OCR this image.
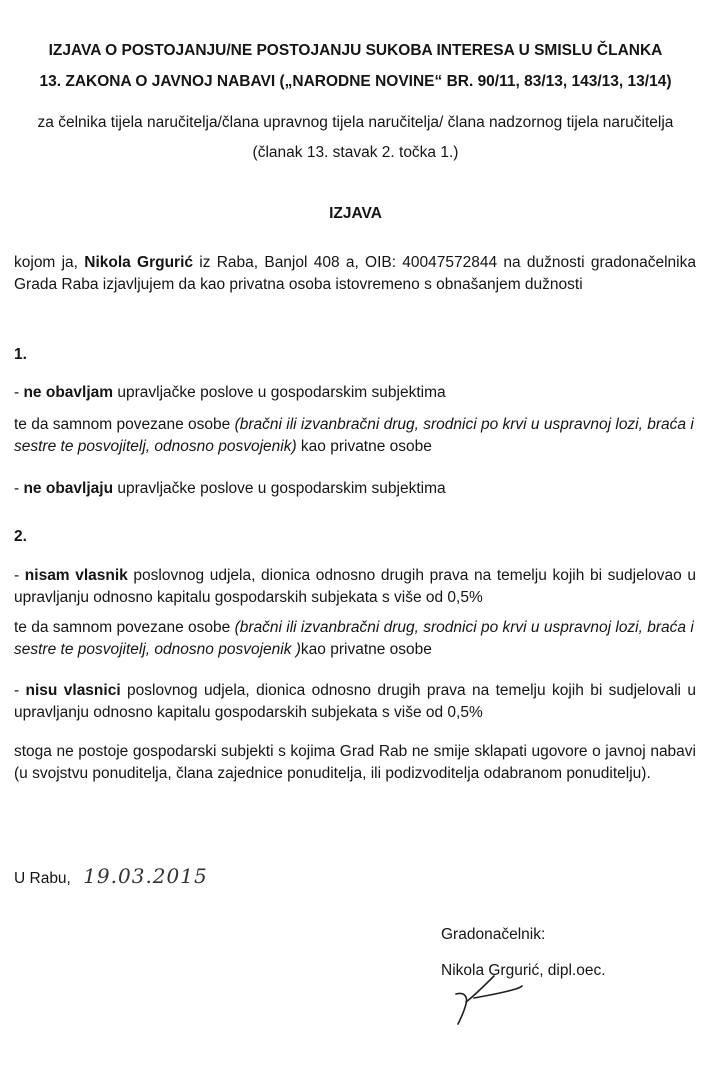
IZJAVA O POSTOJANJU/NE POSTOJANJU SUKOBA INTERESA U SMISLU ČLANKA
13. ZAKONA O JAVNOJ NABAVI („NARODNE NOVINE“ BR. 90/11, 83/13, 143/13, 13/14)
za čelnika tijela naručitelja/člana upravnog tijela naručitelja/ člana nadzornog tijela naručitelja
(članak 13. stavak 2. točka 1.)
IZJAVA
kojom ja, Nikola Grgurić iz Raba, Banjol 408 a, OIB: 40047572844 na dužnosti gradonačelnika Grada Raba izjavljujem da kao privatna osoba istovremeno s obnašanjem dužnosti
1.
- ne obavljam upravljačke poslove u gospodarskim subjektima
te da samnom povezane osobe (bračni ili izvanbračni drug, srodnici po krvi u uspravnoj lozi, braća i sestre te posvojitelj, odnosno posvojenik) kao privatne osobe
- ne obavljaju upravljačke poslove u gospodarskim subjektima
2.
- nisam vlasnik poslovnog udjela, dionica odnosno drugih prava na temelju kojih bi sudjelovao u upravljanju odnosno kapitalu gospodarskih subjekata s više od 0,5%
te da samnom povezane osobe (bračni ili izvanbračni drug, srodnici po krvi u uspravnoj lozi, braća i sestre te posvojitelj, odnosno posvojenik )kao privatne osobe
- nisu vlasnici poslovnog udjela, dionica odnosno drugih prava na temelju kojih bi sudjelovali u upravljanju odnosno kapitalu gospodarskih subjekata s više od 0,5%
stoga ne postoje gospodarski subjekti s kojima Grad Rab ne smije sklapati ugovore o javnoj nabavi (u svojstvu ponuditelja, člana zajednice ponuditelja, ili podizvoditelja odabranom ponuditelju).
U Rabu, 19.03.2015
Gradonačelnik:
Nikola Grgurić, dipl.oec.
